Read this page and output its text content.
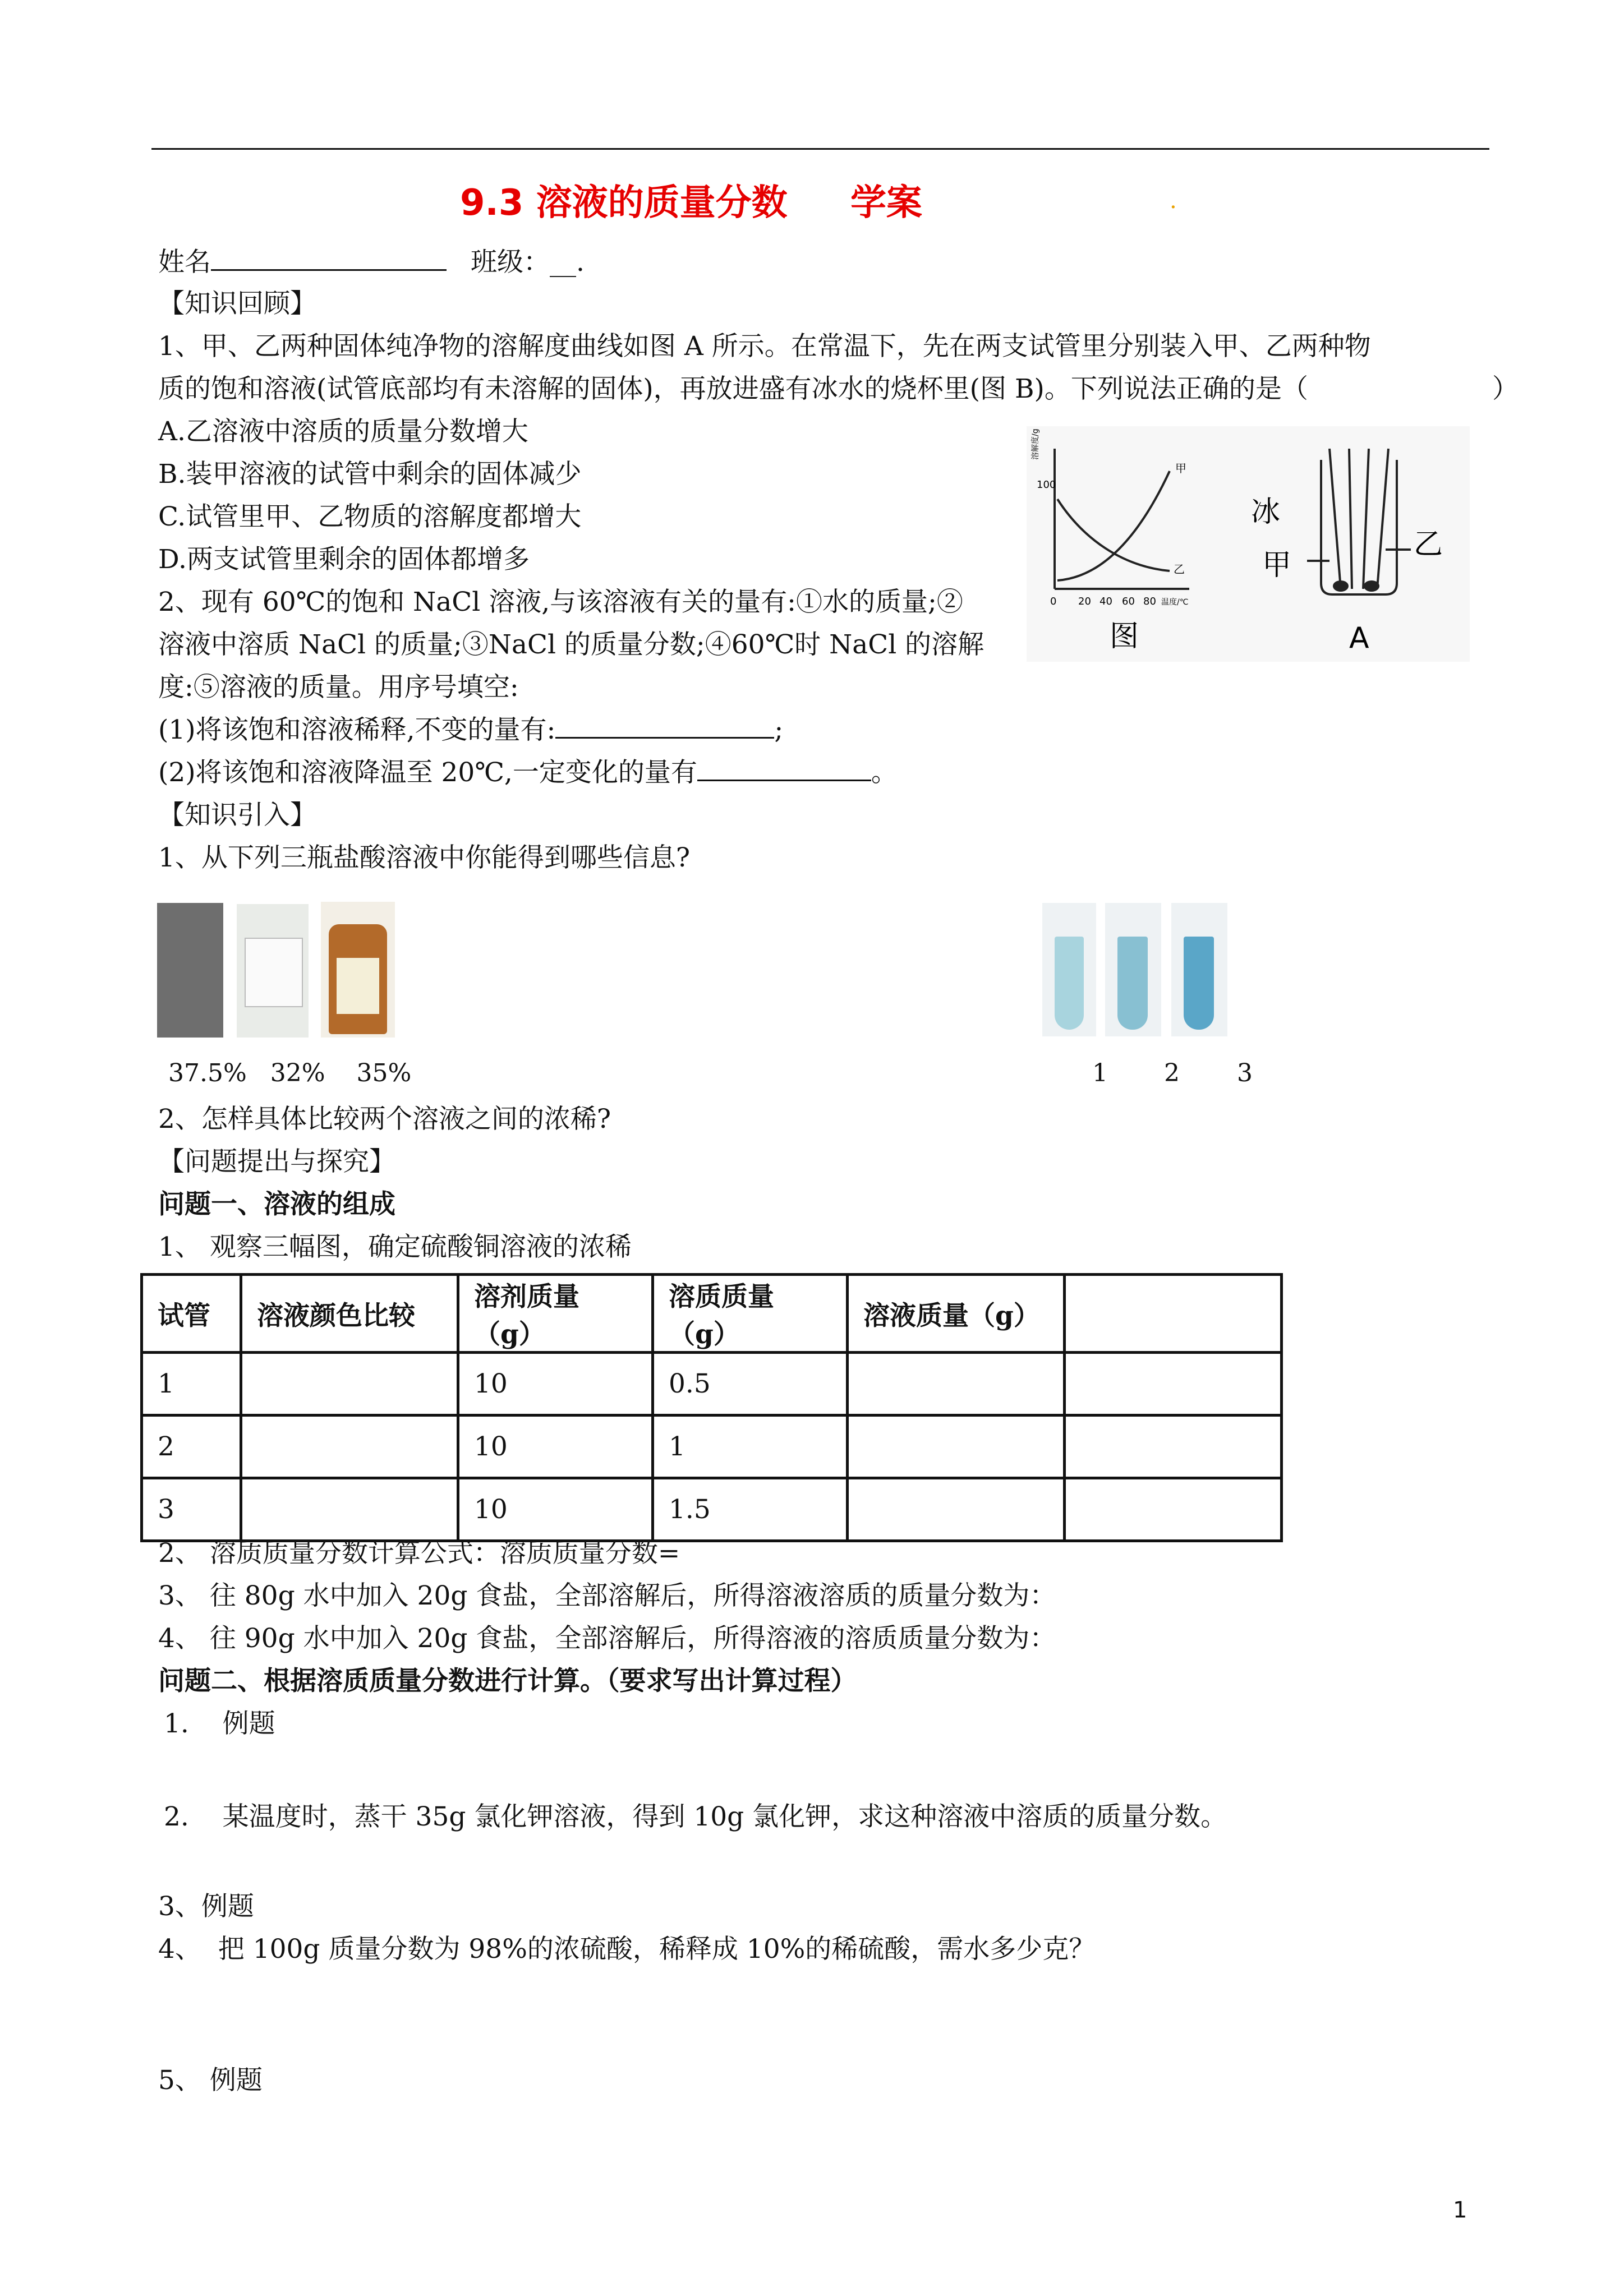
9.3 溶液的质量分数 学案	.
姓名	班级：__.
【知识回顾】
1、甲、乙两种固体纯净物的溶解度曲线如图 A 所示。在常温下，先在两支试管里分别装入甲、乙两种物
质的饱和溶液(试管底部均有未溶解的固体)，再放进盛有冰水的烧杯里(图 B)。下列说法正确的是（	）
A.乙溶液中溶质的质量分数增大
B.装甲溶液的试管中剩余的固体减少
C.试管里甲、乙物质的溶解度都增大
D.两支试管里剩余的固体都增多
2、现有 60℃的饱和 NaCl 溶液,与该溶液有关的量有:①水的质量;②
溶液中溶质 NaCl 的质量;③NaCl 的质量分数;④60℃时 NaCl 的溶解
度:⑤溶液的质量。用序号填空:
(1)将该饱和溶液稀释,不变的量有:	;
(2)将该饱和溶液降温至 20℃,一定变化的量有	。
100
溶解度/g
甲
乙
0 20 40 60 80 温度/℃
图
冰
甲
乙
A
【知识引入】
1、从下列三瓶盐酸溶液中你能得到哪些信息?
37.5%   32%    35%	1 2 3
2、怎样具体比较两个溶液之间的浓稀?
【问题提出与探究】
问题一、溶液的组成
1、 观察三幅图，确定硫酸铜溶液的浓稀
试管	溶液颜色比较	溶剂质量（g）	溶质质量（g）	溶液质量（g）	
1		10	0.5		
2		10	1		
3		10	1.5		
2、 溶质质量分数计算公式：溶质质量分数=
3、 往 80g 水中加入 20g 食盐，全部溶解后，所得溶液溶质的质量分数为：
4、 往 90g 水中加入 20g 食盐，全部溶解后，所得溶液的溶质质量分数为：
问题二、根据溶质质量分数进行计算。（要求写出计算过程）
1.    例题
2.    某温度时，蒸干 35g 氯化钾溶液，得到 10g 氯化钾，求这种溶液中溶质的质量分数。
3、例题
4、  把 100g 质量分数为 98%的浓硫酸，稀释成 10%的稀硫酸，需水多少克？
5、 例题
1
